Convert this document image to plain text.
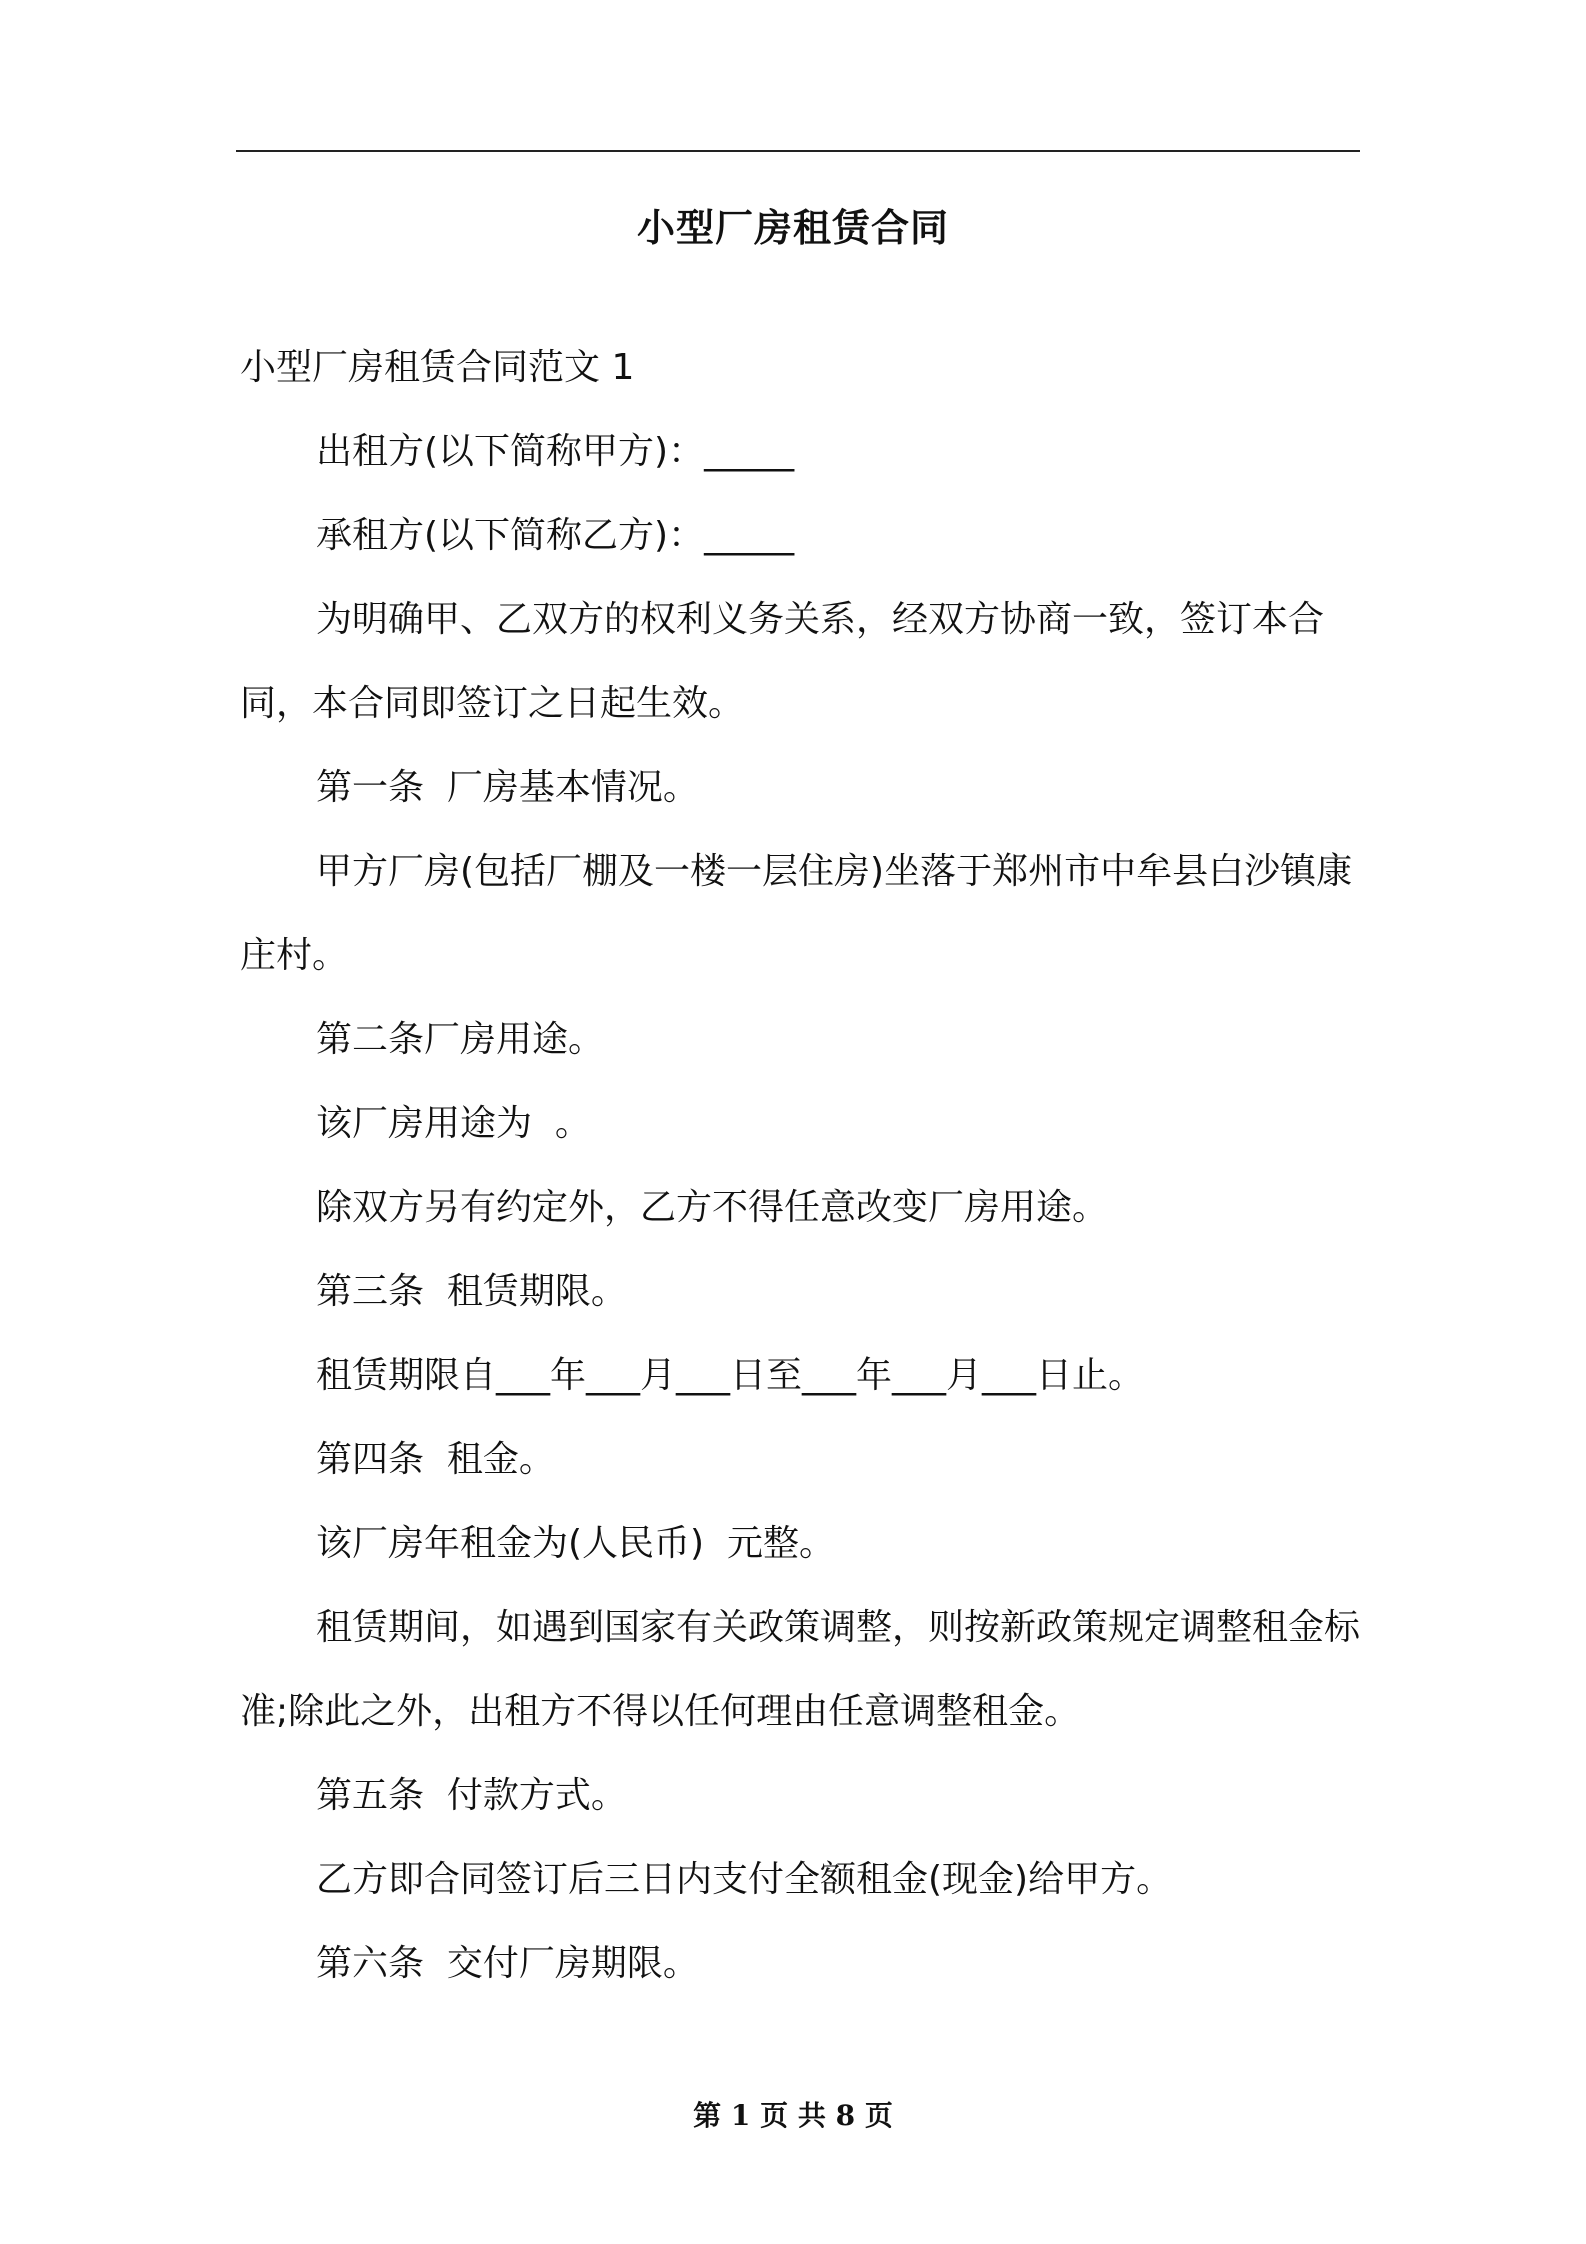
小型厂房租赁合同

小型厂房租赁合同范文 1

出租方(以下简称甲方)：_____

承租方(以下简称乙方)：_____

为明确甲、乙双方的权利义务关系，经双方协商一致，签订本合同，本合同即签订之日起生效。

第一条  厂房基本情况。

甲方厂房(包括厂棚及一楼一层住房)坐落于郑州市中牟县白沙镇康庄村。

第二条厂房用途。

该厂房用途为  。

除双方另有约定外，乙方不得任意改变厂房用途。

第三条  租赁期限。

租赁期限自___年___月___日至___年___月___日止。

第四条  租金。

该厂房年租金为(人民币)  元整。

租赁期间，如遇到国家有关政策调整，则按新政策规定调整租金标准;除此之外，出租方不得以任何理由任意调整租金。

第五条  付款方式。

乙方即合同签订后三日内支付全额租金(现金)给甲方。

第六条  交付厂房期限。

第 1 页 共 8 页
